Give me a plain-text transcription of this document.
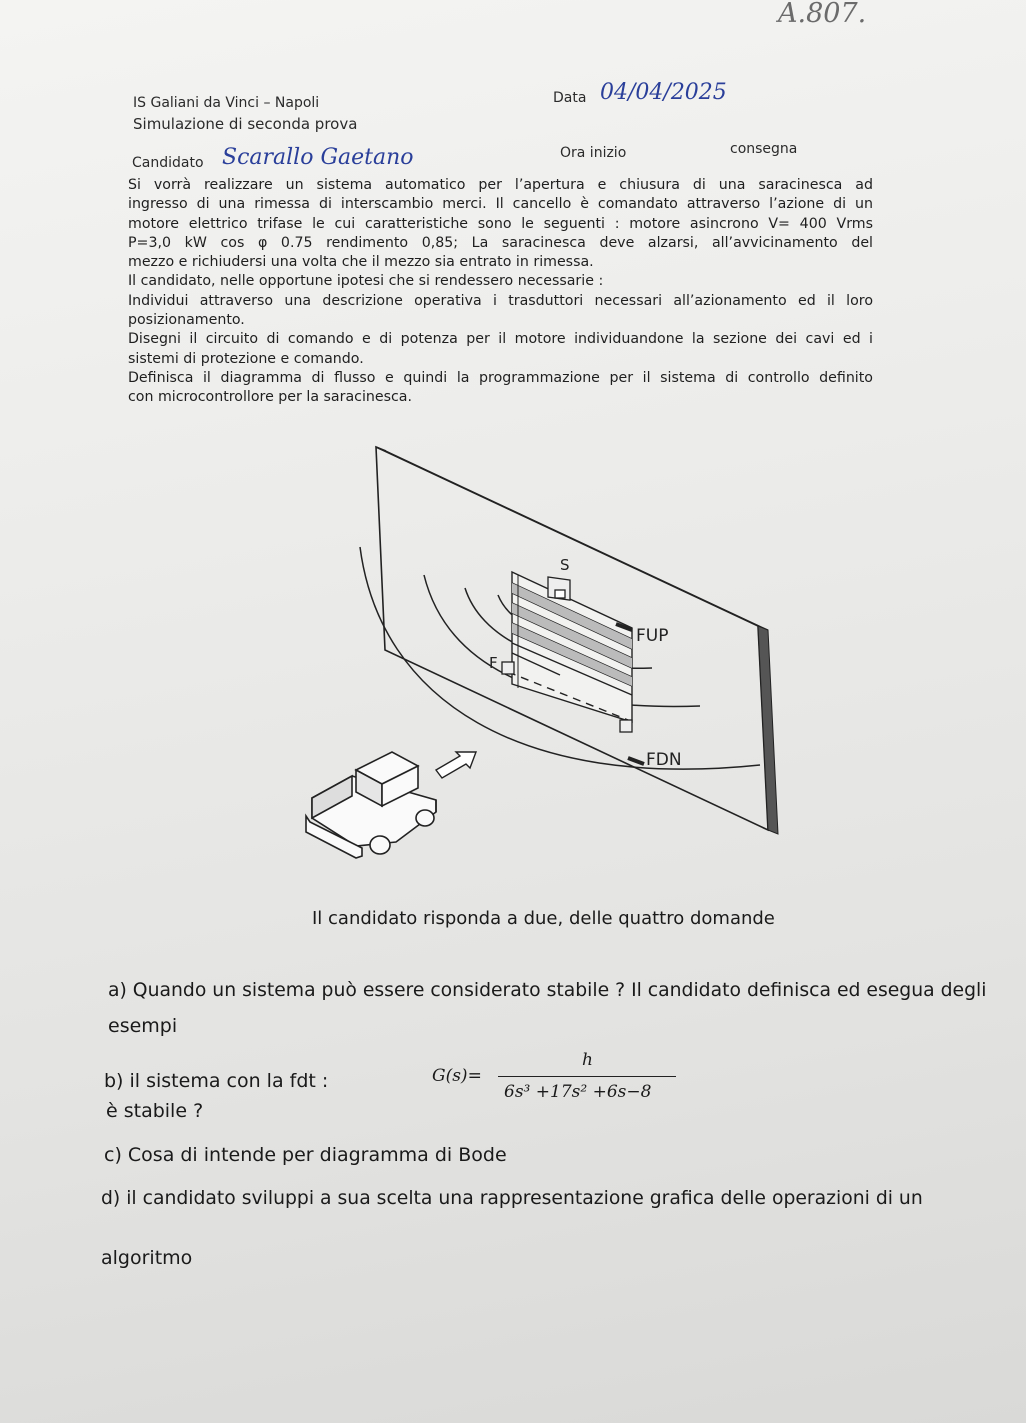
A.807.
IS Galiani da Vinci – Napoli
Simulazione di seconda prova
Data 04/04/2025
Candidato Scarallo Gaetano	Ora inizio	consegna

Si vorrà realizzare un sistema automatico per l’apertura e chiusura di una saracinesca ad

ingresso di una rimessa di interscambio merci. Il cancello è comandato attraverso l’azione di un

motore elettrico trifase le cui caratteristiche sono le seguenti : motore asincrono V= 400 Vrms

P=3,0 kW cos φ 0.75 rendimento 0,85; La saracinesca deve alzarsi, all’avvicinamento del

mezzo e richiudersi una volta che il mezzo sia entrato in rimessa.

Il candidato, nelle opportune ipotesi che si rendessero necessarie :

Individui attraverso una descrizione operativa i trasduttori necessari all’azionamento ed il loro

posizionamento.

Disegni il circuito di comando e di potenza per il motore individuandone la sezione dei cavi ed i

sistemi di protezione e comando.

Definisca il diagramma di flusso e quindi la programmazione per il sistema di controllo definito

con microcontrollore per la saracinesca.

S
FUP
F
FDN
Il candidato risponda a due, delle quattro domande
a) Quando un sistema può essere considerato stabile ? Il candidato definisca ed esegua degli
esempi
b) il sistema con la fdt :
è stabile ?
G(s)=
h
6s³ +17s² +6s−8
c) Cosa di intende per diagramma di Bode
d) il candidato sviluppi a sua scelta una rappresentazione grafica delle operazioni di un
algoritmo
